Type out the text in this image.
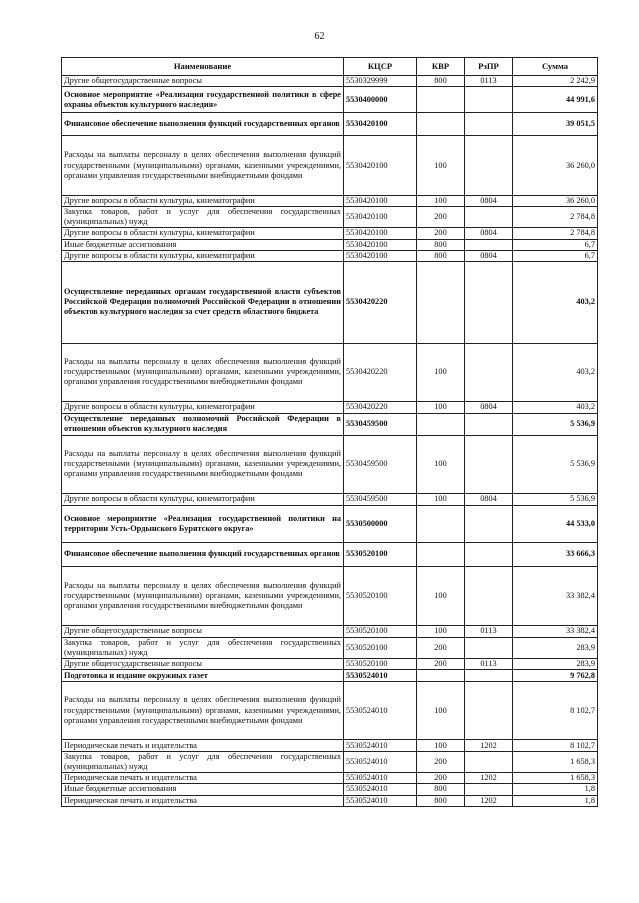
62
Наименование	КЦСР	КВР	РзПР	Сумма
Другие общегосударственные вопросы	5530329999	800	0113	2 242,9
Основное мероприятие «Реализация государственной политики в сфере охраны объектов культурного наследия»	5530400000			44 991,6
Финансовое обеспечение выполнения функций государственных органов	5530420100			39 051,5
Расходы на выплаты персоналу в целях обеспечения выполнения функций государственными (муниципальными) органами, казенными учреждениями, органами управления государственными внебюджетными фондами	5530420100	100		36 260,0
Другие вопросы в области культуры, кинематографии	5530420100	100	0804	36 260,0
Закупка товаров, работ и услуг для обеспечения государственных (муниципальных) нужд	5530420100	200		2 784,8
Другие вопросы в области культуры, кинематографии	5530420100	200	0804	2 784,8
Иные бюджетные ассигнования	5530420100	800		6,7
Другие вопросы в области культуры, кинематографии	5530420100	800	0804	6,7
Осуществление переданных органам государственной власти субъектов Российской Федерации полномочий Российской Федерации в отношении объектов культурного наследия за счет средств областного бюджета	5530420220			403,2
Расходы на выплаты персоналу в целях обеспечения выполнения функций государственными (муниципальными) органами, казенными учреждениями, органами управления государственными внебюджетными фондами	5530420220	100		403,2
Другие вопросы в области культуры, кинематографии	5530420220	100	0804	403,2
Осуществление переданных полномочий Российской Федерации в отношении объектов культурного наследия	5530459500			5 536,9
Расходы на выплаты персоналу в целях обеспечения выполнения функций государственными (муниципальными) органами, казенными учреждениями, органами управления государственными внебюджетными фондами	5530459500	100		5 536,9
Другие вопросы в области культуры, кинематографии	5530459500	100	0804	5 536,9
Основное мероприятие «Реализация государственной политики на территории Усть-Ордынского Бурятского округа»	5530500000			44 533,0
Финансовое обеспечение выполнения функций государственных органов	5530520100			33 666,3
Расходы на выплаты персоналу в целях обеспечения выполнения функций государственными (муниципальными) органами, казенными учреждениями, органами управления государственными внебюджетными фондами	5530520100	100		33 382,4
Другие общегосударственные вопросы	5530520100	100	0113	33 382,4
Закупка товаров, работ и услуг для обеспечения государственных (муниципальных) нужд	5530520100	200		283,9
Другие общегосударственные вопросы	5530520100	200	0113	283,9
Подготовка и издание окружных газет	5530524010			9 762,8
Расходы на выплаты персоналу в целях обеспечения выполнения функций государственными (муниципальными) органами, казенными учреждениями, органами управления государственными внебюджетными фондами	5530524010	100		8 102,7
Периодическая печать и издательства	5530524010	100	1202	8 102,7
Закупка товаров, работ и услуг для обеспечения государственных (муниципальных) нужд	5530524010	200		1 658,3
Периодическая печать и издательства	5530524010	200	1202	1 658,3
Иные бюджетные ассигнования	5530524010	800		1,8
Периодическая печать и издательства	5530524010	800	1202	1,8
